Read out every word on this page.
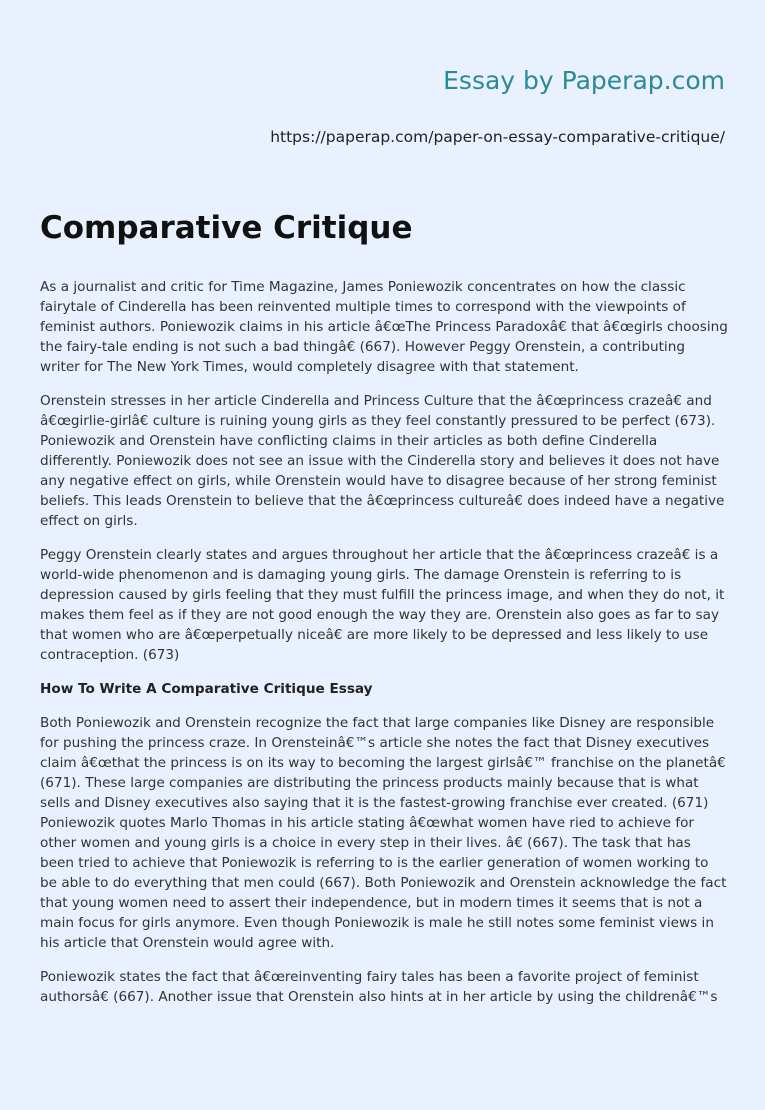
Essay by Paperap.com
https://paperap.com/paper-on-essay-comparative-critique/
Comparative Critique

As a journalist and critic for Time Magazine, James Poniewozik concentrates on how the classic fairytale of Cinderella has been reinvented multiple times to correspond with the viewpoints of feminist authors. Poniewozik claims in his article â€œThe Princess Paradoxâ€ that â€œgirls choosing the fairy-tale ending is not such a bad thingâ€ (667). However Peggy Orenstein, a contributing writer for The New York Times, would completely disagree with that statement.

Orenstein stresses in her article Cinderella and Princess Culture that the â€œprincess crazeâ€ and â€œgirlie-girlâ€ culture is ruining young girls as they feel constantly pressured to be perfect (673). Poniewozik and Orenstein have conflicting claims in their articles as both define Cinderella differently. Poniewozik does not see an issue with the Cinderella story and believes it does not have any negative effect on girls, while Orenstein would have to disagree because of her strong feminist beliefs. This leads Orenstein to believe that the â€œprincess cultureâ€ does indeed have a negative effect on girls.

Peggy Orenstein clearly states and argues throughout her article that the â€œprincess crazeâ€ is a world-wide phenomenon and is damaging young girls. The damage Orenstein is referring to is depression caused by girls feeling that they must fulfill the princess image, and when they do not, it makes them feel as if they are not good enough the way they are. Orenstein also goes as far to say that women who are â€œperpetually niceâ€ are more likely to be depressed and less likely to use contraception. (673)

How To Write A Comparative Critique Essay

Both Poniewozik and Orenstein recognize the fact that large companies like Disney are responsible for pushing the princess craze. In Orensteinâ€™s article she notes the fact that Disney executives claim â€œthat the princess is on its way to becoming the largest girlsâ€™ franchise on the planetâ€ (671). These large companies are distributing the princess products mainly because that is what sells and Disney executives also saying that it is the fastest-growing franchise ever created. (671) Poniewozik quotes Marlo Thomas in his article stating â€œwhat women have ried to achieve for other women and young girls is a choice in every step in their lives. â€ (667). The task that has been tried to achieve that Poniewozik is referring to is the earlier generation of women working to be able to do everything that men could (667). Both Poniewozik and Orenstein acknowledge the fact that young women need to assert their independence, but in modern times it seems that is not a main focus for girls anymore. Even though Poniewozik is male he still notes some feminist views in his article that Orenstein would agree with.

Poniewozik states the fact that â€œreinventing fairy tales has been a favorite project of feminist authorsâ€ (667). Another issue that Orenstein also hints at in her article by using the childrenâ€™s
